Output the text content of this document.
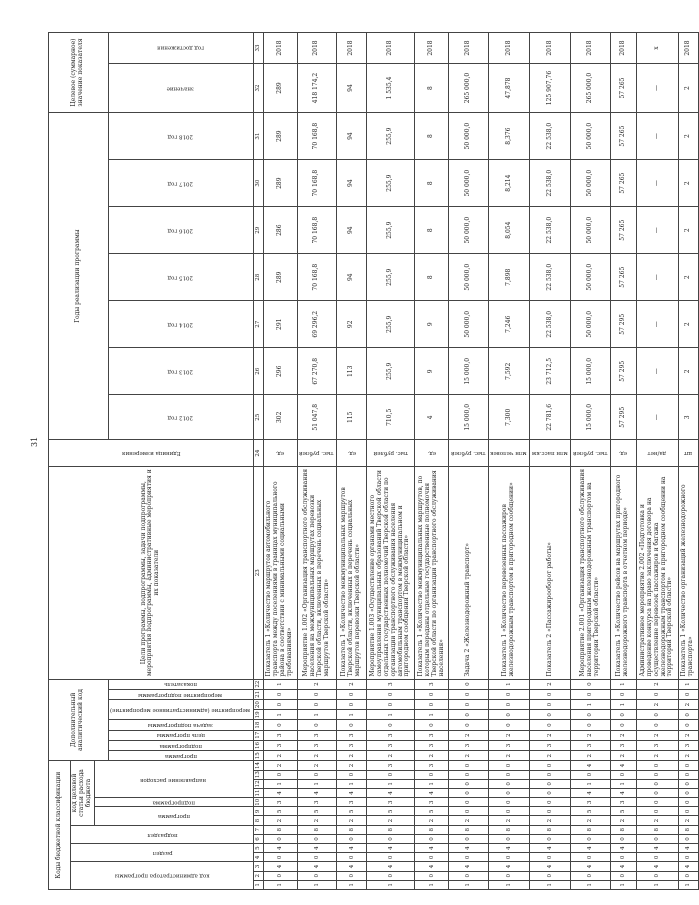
31
Коды бюджетной классификации														Дополнительный аналитический код								Цели программы, подпрограммы, задачи подпрограммы, мероприятия подпрограммы, административные мероприятия и их показатели	Единица измерения	Годы реализации программы							Целевое (суммарное) значение показателя	
код администратора программы			раздел		подраздел		код целевой статьи расхода бюджета																									
							программа		подпрограмма	направление расходов																						
														программа	подпрограмма	цель программы	задача подпрограммы	мероприятие (административное мероприятие)		мероприятие подпрограммы	показатель			2012 год	2013 год	2014 год	2015 год	2016 год	2017 год	2018 год	значение	год достижения
1	2	3	4	5	6	7	8	9	10	11	12	13	14	15	16	17	18	19	20	21	22	23	24	25	26	27	28	29	30	31	32	33
1	0	4	0	4	0	8	2	5	3	4	1	0	2	2	3	3	0	1	0	0	1	Показатель 1 «Количество маршрутов автомобильного транспорта между поселениями в границах муниципального района в соответствии с минимальными социальными требованиями»	ед.	302	296	291	289	286	289	289	289	2018
1	0	4	0	4	0	8	2	5	3	4	1	0	2	2	3	3	0	1	0	0	2	Мероприятие 1.002 «Организация транспортного обслуживания населения на межмуниципальных маршрутах перевозки Тверской области, включенных в перечень социальных маршрутов Тверской области»	тыс. рублей	51 047,8	67 270,8	69 296,2	70 168,8	70 168,8	70 168,8	70 168,8	418 174,2	2018
1	0	4	0	4	0	8	2	5	3	4	1	0	2	2	3	3	0	1	0	0	2	Показатель 1 «Количество межмуниципальных маршрутов Тверской области, включенных в перечень социальных маршрутов перевозки Тверской области»	ед.	115	113	92	94	94	94	94	94	2018
1	0	4	0	4	0	8	2	5	3	4	1	0	3	2	3	3	0	1	0	0	3	Мероприятие 1.003 «Осуществление органами местного самоуправления муниципальных образований Тверской области отдельных государственных полномочий Тверской области по организации транспортного обслуживания населения автомобильным транспортом в межмуниципальном и пригородном сообщении Тверской области»	тыс. рублей	710,5	255,9	255,9	255,9	255,9	255,9	255,9	1 535,4	2018
1	0	4	0	4	0	8	2	5	3	4	1	0	3	2	3	3	0	1	0	0	3	Показатель 1 «Количество межмуниципальных маршрутов, по которым переданы отдельные государственные полномочия Тверской области по организации транспортного обслуживания населения»	ед.	4	9	9	8	8	8	8	8	2018
1	0	4	0	4	0	8	2	0	0	0	0	0	0	2	3	2	0	0	0	0	0	Задача 2 «Железнодорожный транспорт»	тыс. рублей	15 000,0	15 000,0	50 000,0	50 000,0	50 000,0	50 000,0	50 000,0	265 000,0	2018
1	0	4	0	4	0	8	2	0	0	0	0	0	0	2	3	2	0	0	0	0	1	Показатель 1 «Количество перевезенных пассажиров железнодорожным транспортом в пригородном сообщении»	млн человек	7,300	7,592	7,246	7,898	8,054	8,214	8,376	47,878	2018
1	0	4	0	4	0	8	2	0	0	0	0	0	0	2	3	2	0	0	0	0	2	Показатель 2 «Пассажирооборот работы»	млн пасс.км	22 781,6	23 712,5	22 538,0	22 538,0	22 538,0	22 538,0	22 538,0	125 907,76	2018
1	0	4	0	4	0	8	2	5	3	4	1	0	4	2	3	2	0	0	1	0	0	Мероприятие 2.001 «Организация транспортного обслуживания населения пригородным железнодорожным транспортом на территории Тверской области»	тыс. рублей	15 000,0	15 000,0	50 000,0	50 000,0	50 000,0	50 000,0	50 000,0	265 000,0	2018
1	0	4	0	4	0	8	2	5	3	4	1	0	4	2	3	2	0	0	1	0	1	Показатель 1 «Количество рейсов на маршрутах пригородного железнодорожного транспорта в отчетном периоде»	ед.	57 295	57 295	57 295	57 265	57 265	57 265	57 265	57 265	2018
1	0	4	0	4	0	8	2	0	0	0	0	0	0	2	3	2	0	0	2	0	2	Административное мероприятие 2.002 «Подготовка и проведение конкурса на право заключения договора на осуществление перевозок пассажиров и багажа железнодорожным транспортом в пригородном сообщении на территории Тверской области»	да/нет	—	—	—	—	—	—	—	—	х
1	0	4	0	4	0	8	2	0	0	0	0	0	0	2	3	2	0	0	2	0	1	Показатель 1 «Количество организаций железнодорожного транспорта»	шт	3	2	2	2	2	2	2	2	2018
